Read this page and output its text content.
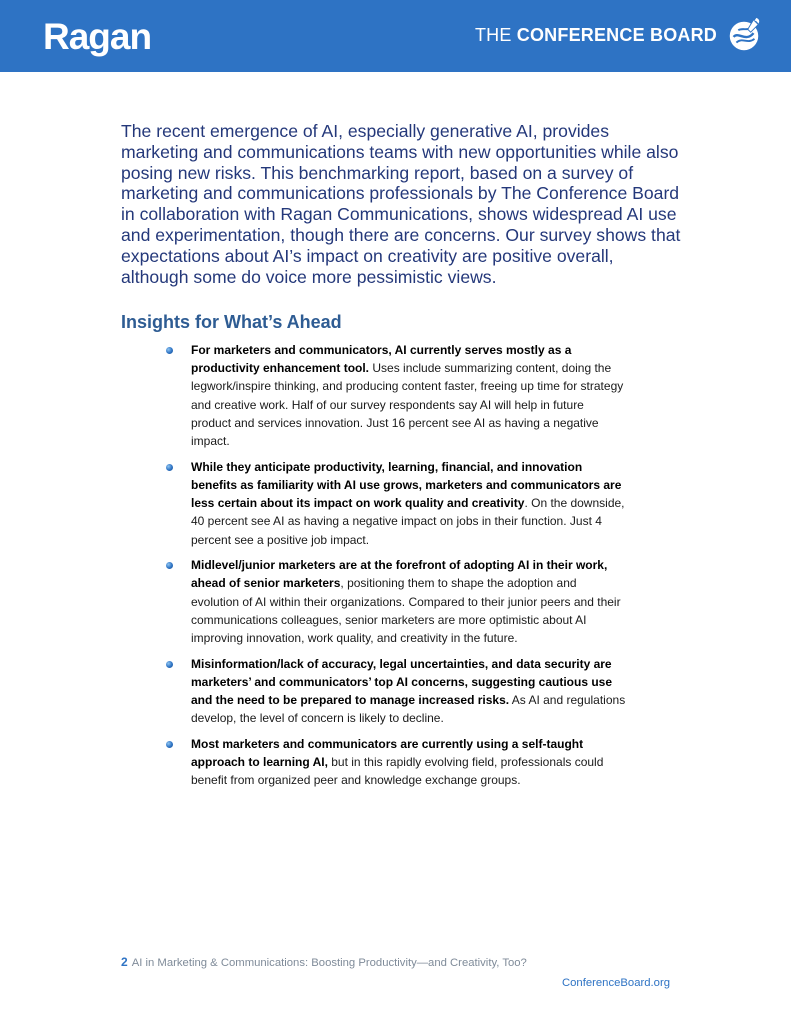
Ragan	THE CONFERENCE BOARD

The recent emergence of AI, especially generative AI, provides marketing and communications teams with new opportunities while also posing new risks. This benchmarking report, based on a survey of marketing and communications professionals by The Conference Board in collaboration with Ragan Communications, shows widespread AI use and experimentation, though there are concerns. Our survey shows that expectations about AI’s impact on creativity are positive overall, although some do voice more pessimistic views.

Insights for What’s Ahead
For marketers and communicators, AI currently serves mostly as a productivity enhancement tool. Uses include summarizing content, doing the legwork/inspire thinking, and producing content faster, freeing up time for strategy and creative work. Half of our survey respondents say AI will help in future product and services innovation. Just 16 percent see AI as having a negative impact.
While they anticipate productivity, learning, financial, and innovation benefits as familiarity with AI use grows, marketers and communicators are less certain about its impact on work quality and creativity. On the downside, 40 percent see AI as having a negative impact on jobs in their function. Just 4 percent see a positive job impact.
Midlevel/junior marketers are at the forefront of adopting AI in their work, ahead of senior marketers, positioning them to shape the adoption and evolution of AI within their organizations. Compared to their junior peers and their communications colleagues, senior marketers are more optimistic about AI improving innovation, work quality, and creativity in the future.
Misinformation/lack of accuracy, legal uncertainties, and data security are marketers’ and communicators’ top AI concerns, suggesting cautious use and the need to be prepared to manage increased risks. As AI and regulations develop, the level of concern is likely to decline.
Most marketers and communicators are currently using a self-taught approach to learning AI, but in this rapidly evolving field, professionals could benefit from organized peer and knowledge exchange groups.
2 AI in Marketing & Communications: Boosting Productivity—and Creativity, Too?
ConferenceBoard.org
